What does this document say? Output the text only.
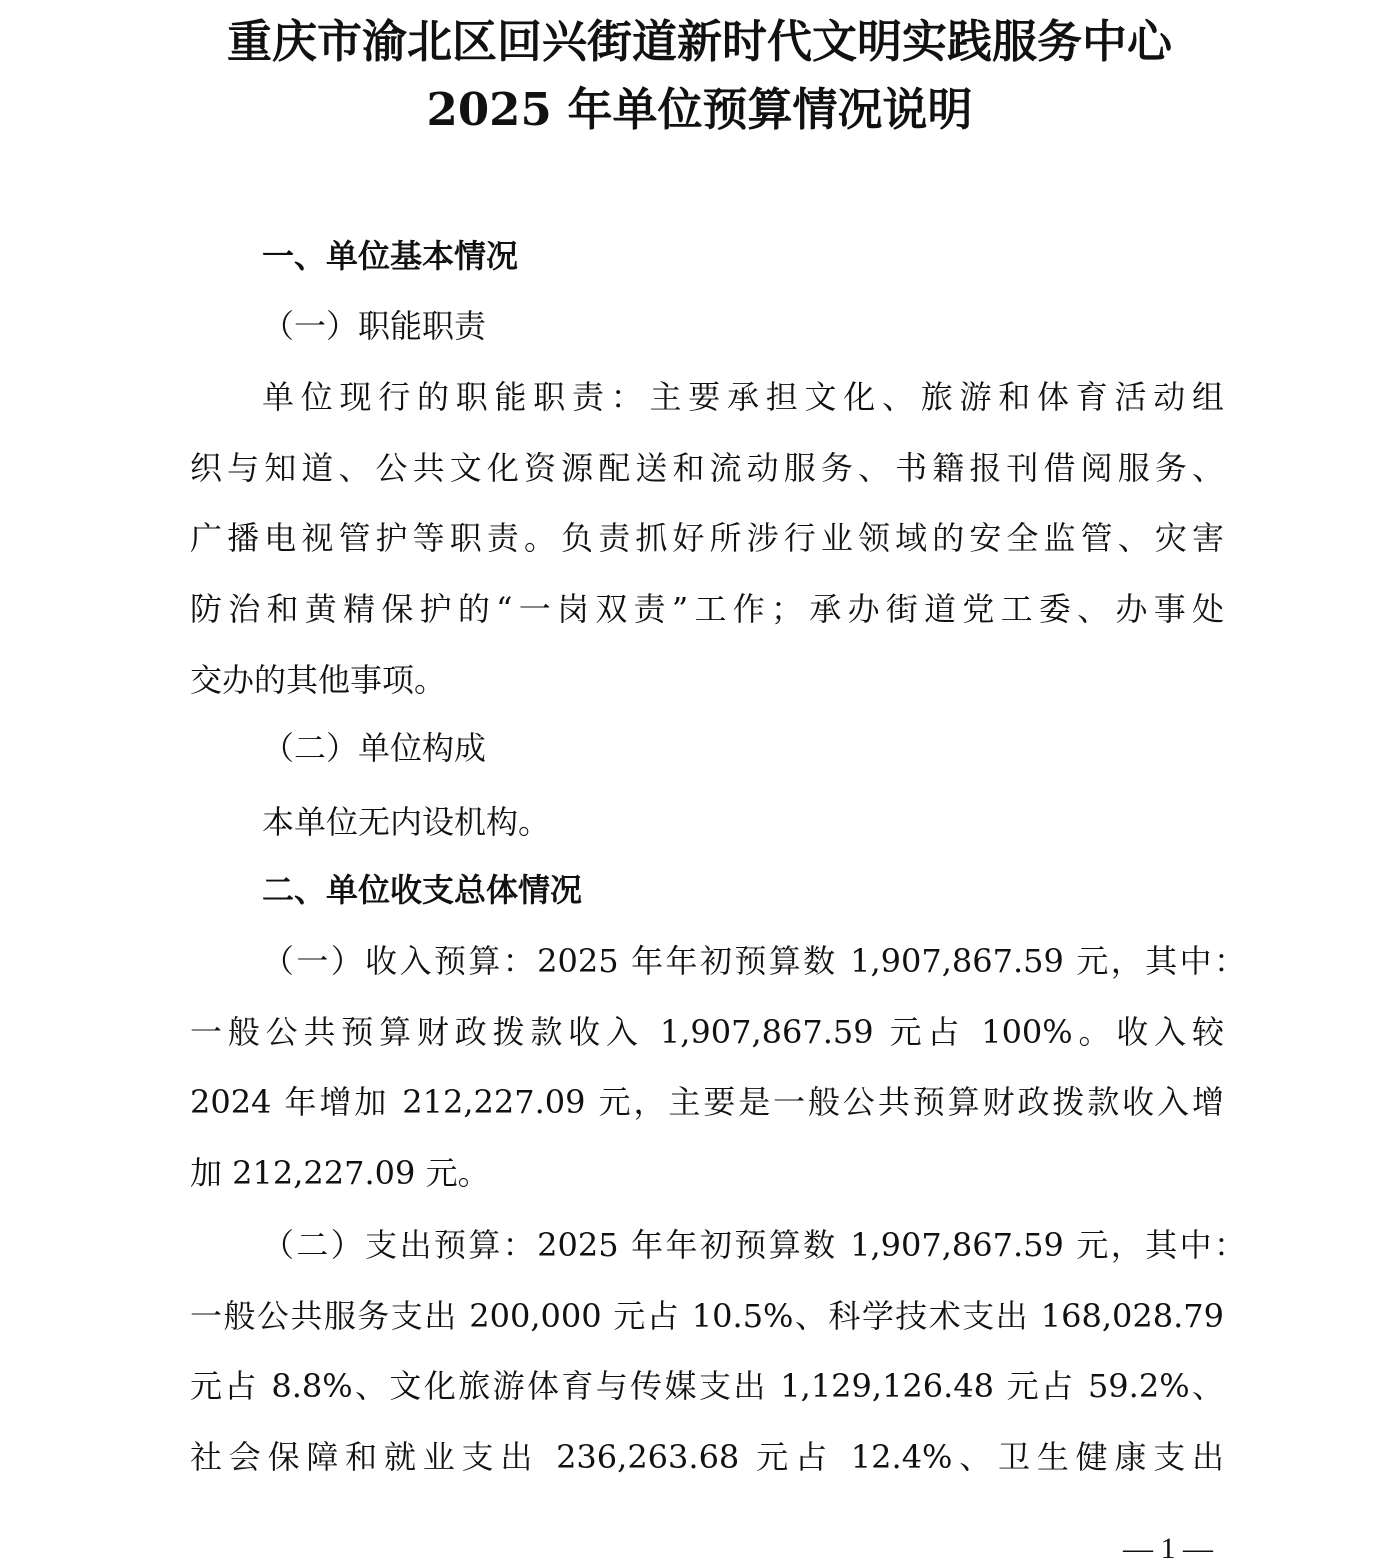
重庆市渝北区回兴街道新时代文明实践服务中心
2025 年单位预算情况说明
一、单位基本情况
（一）职能职责
单位现行的职能职责：主要承担文化、旅游和体育活动组
织与知道、公共文化资源配送和流动服务、书籍报刊借阅服务、
广播电视管护等职责。负责抓好所涉行业领域的安全监管、灾害
防治和黄精保护的“一岗双责”工作；承办街道党工委、办事处
交办的其他事项。
（二）单位构成
本单位无内设机构。
二、单位收支总体情况
（一）收入预算：2025 年年初预算数 1,907,867.59 元，其中：
一般公共预算财政拨款收入 1,907,867.59 元占 100%。收入较
2024 年增加 212,227.09 元，主要是一般公共预算财政拨款收入增
加 212,227.09 元。
（二）支出预算：2025 年年初预算数 1,907,867.59 元，其中：
一般公共服务支出 200,000 元占 10.5%、科学技术支出 168,028.79
元占 8.8%、文化旅游体育与传媒支出 1,129,126.48 元占 59.2%、
社会保障和就业支出 236,263.68 元占 12.4%、卫生健康支出
— 1 —
